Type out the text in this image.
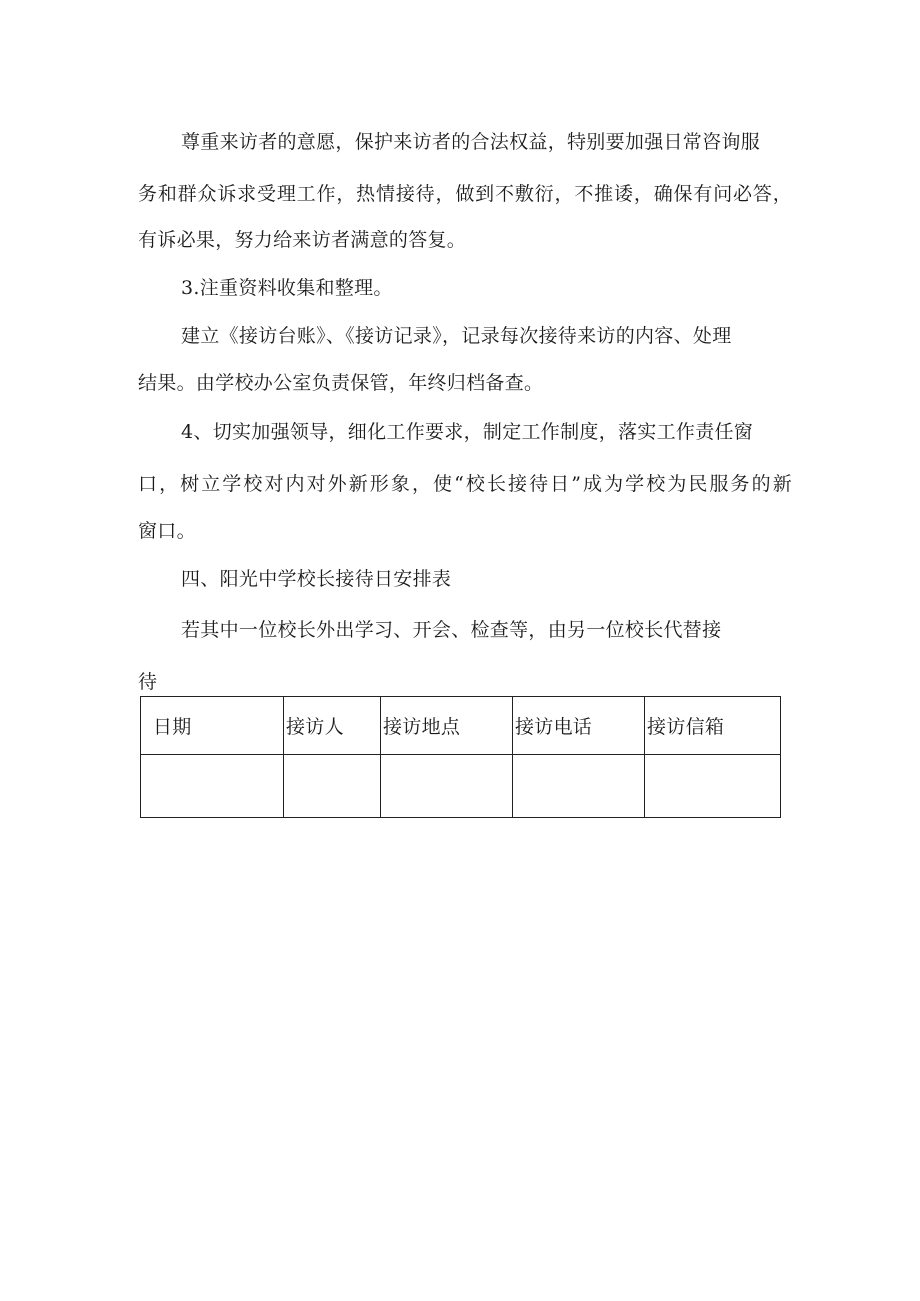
尊重来访者的意愿，保护来访者的合法权益，特别要加强日常咨询服
务和群众诉求受理工作，热情接待，做到不敷衍，不推诿，确保有问必答，
有诉必果，努力给来访者满意的答复。
3.注重资料收集和整理。
建立《接访台账》、《接访记录》，记录每次接待来访的内容、处理
结果。由学校办公室负责保管，年终归档备查。
4、切实加强领导，细化工作要求，制定工作制度，落实工作责任窗
口，树立学校对内对外新形象，使“校长接待日”成为学校为民服务的新
窗口。
四、阳光中学校长接待日安排表
若其中一位校长外出学习、开会、检查等，由另一位校长代替接
待
日期	接访人	接访地点	接访电话	接访信箱
